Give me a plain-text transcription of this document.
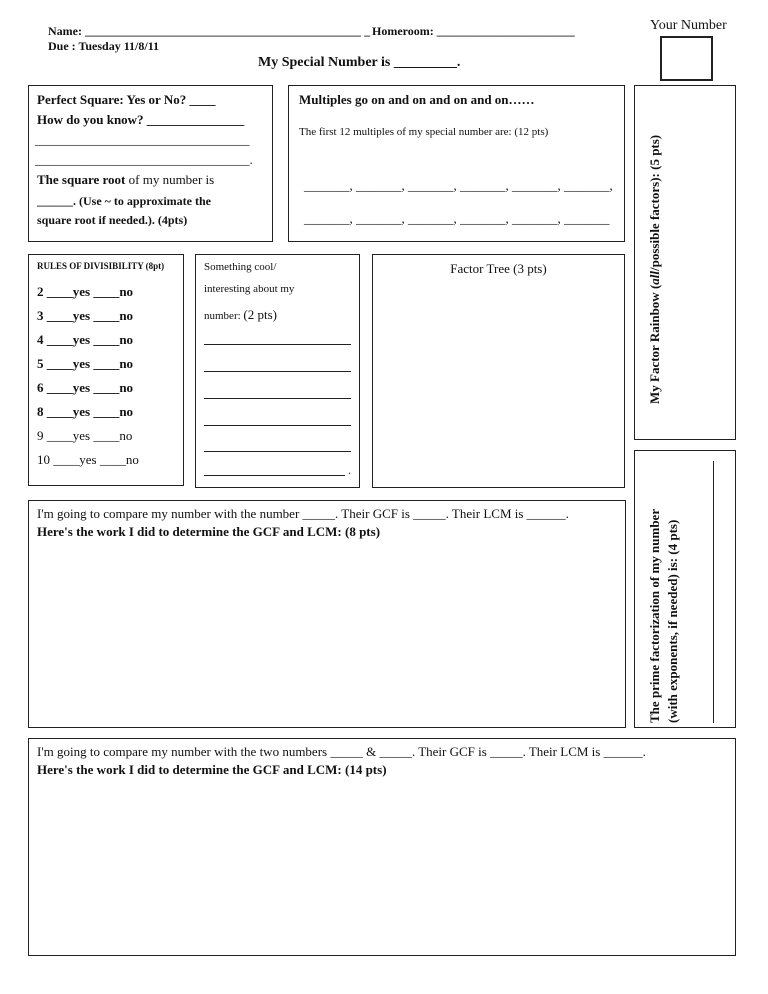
Name: ______________________________________________ _ Homeroom: _______________________
Due : Tuesday 11/8/11
My Special Number is _________.
Your Number
Perfect Square: Yes or No? ____
How do you know? _______________
_________________________________
_________________________________.
The square root of my number is
______. (Use ~ to approximate the
square root if needed.). (4pts)
Multiples go on and on and on and on……
The first 12 multiples of my special number are: (12 pts)
_______, _______, _______, _______, _______, _______,
_______, _______, _______, _______, _______, _______
My Factor Rainbow (all/possible factors): (5 pts)
RULES OF DIVISIBILITY (8pt)
2 ____yes ____no
3 ____yes ____no
4 ____yes ____no
5 ____yes ____no
6 ____yes ____no
8 ____yes ____no
9 ____yes ____no
10 ____yes ____no
Something cool/
interesting about my
number: (2 pts)
.
Factor Tree (3 pts)
The prime factorization of my number (with exponents, if needed) is: (4 pts)
I'm going to compare my number with the number _____. Their GCF is _____. Their LCM is ______.
Here's the work I did to determine the GCF and LCM: (8 pts)
I'm going to compare my number with the two numbers _____ & _____. Their GCF is _____. Their LCM is ______.
Here's the work I did to determine the GCF and LCM: (14 pts)
